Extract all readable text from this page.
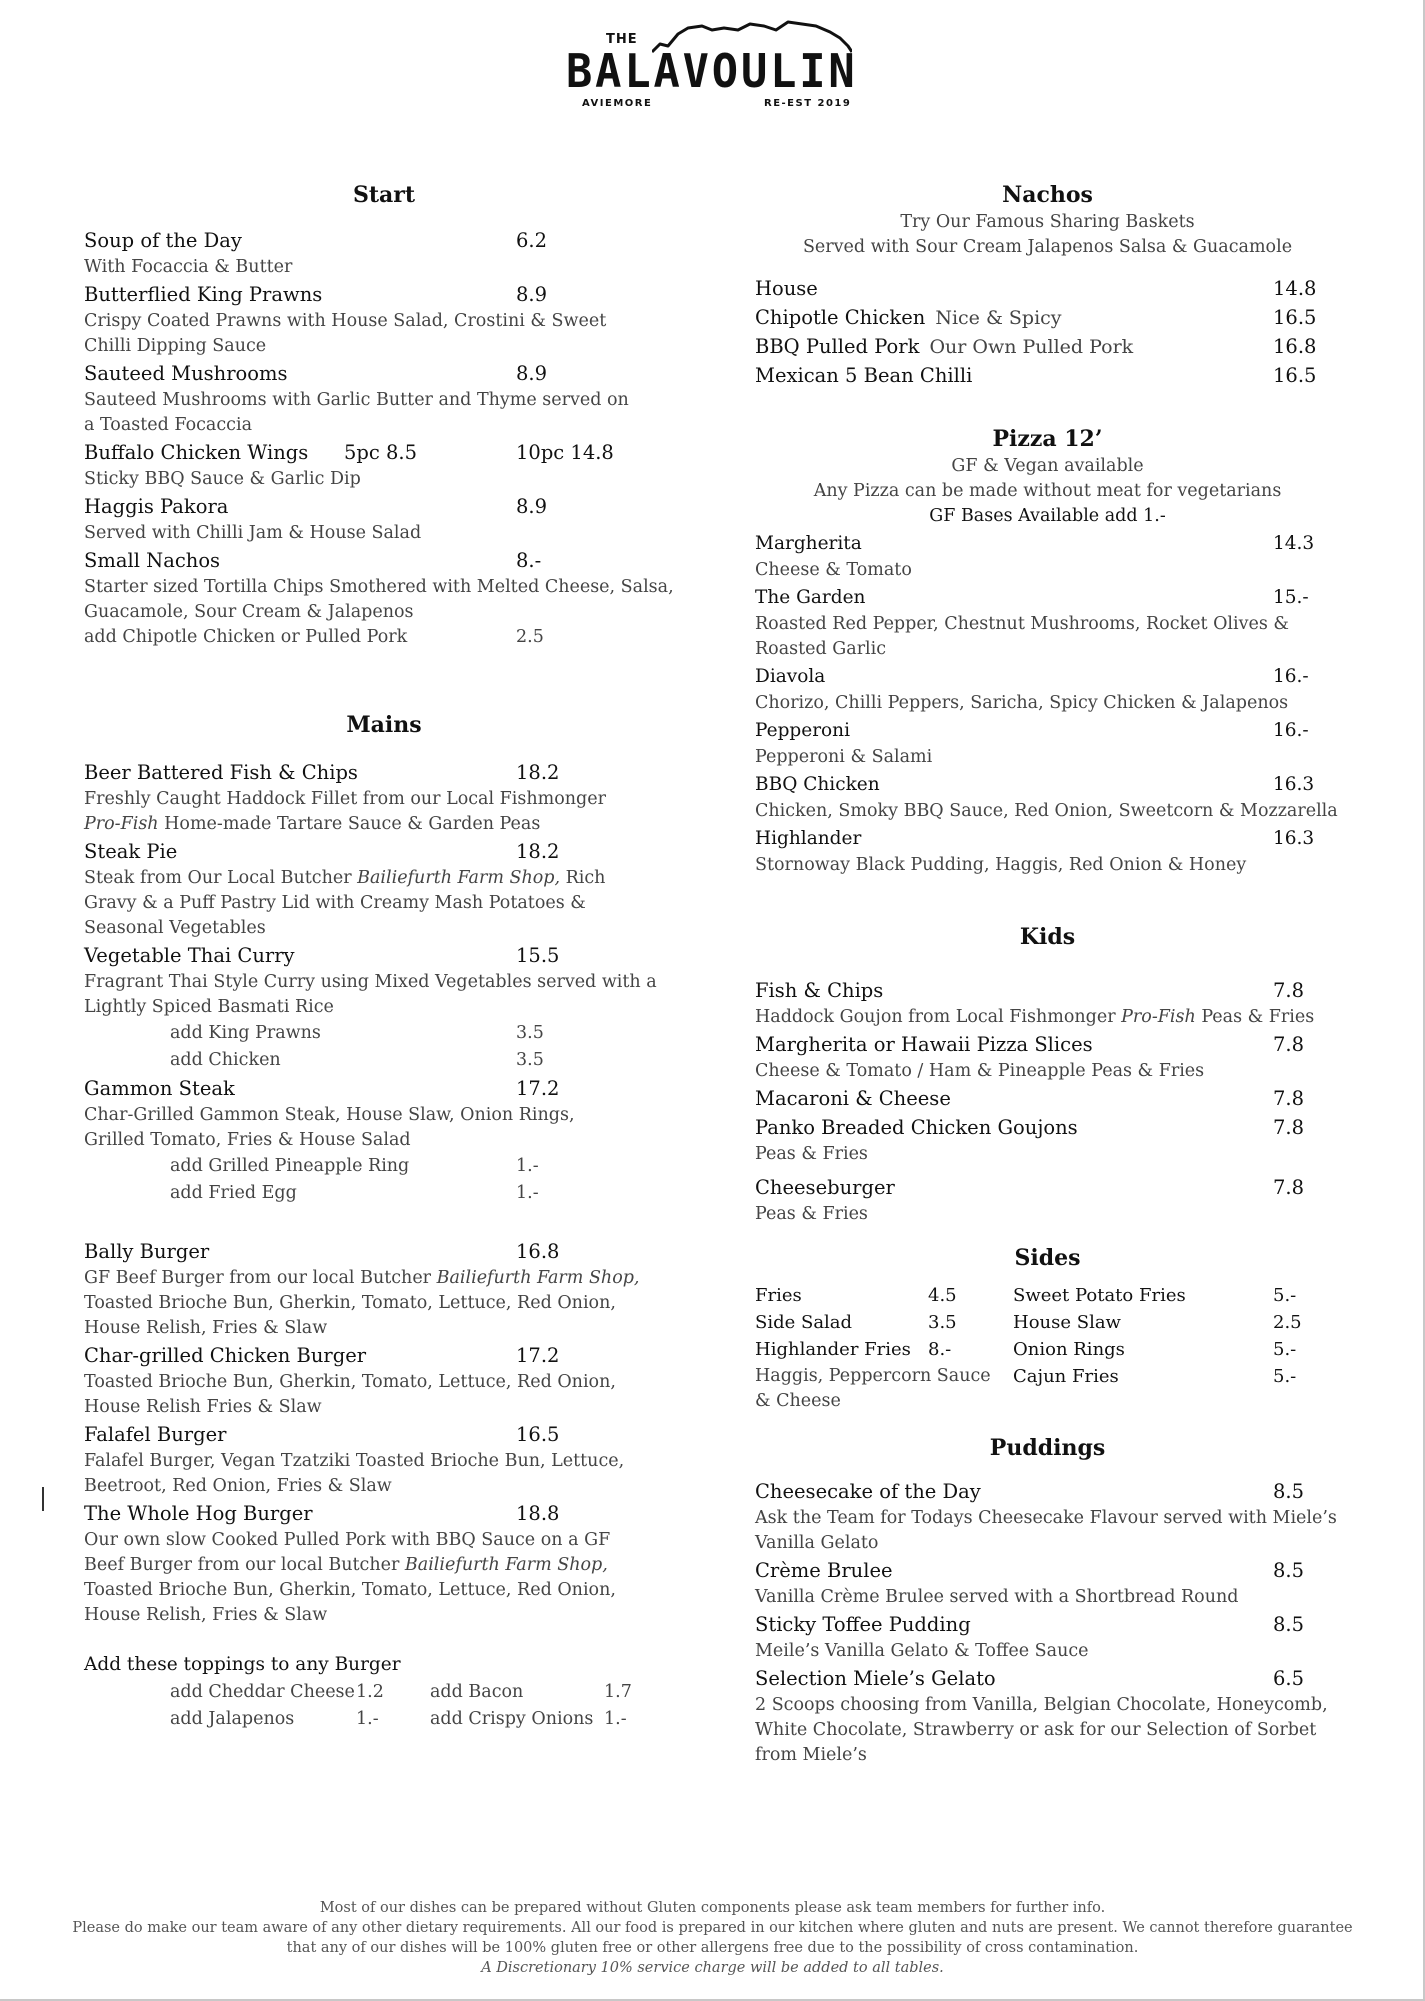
THE
BALAVOULIN
AVIEMORE	RE-EST 2019
Start
Soup of the Day	6.2
With Focaccia & Butter
Butterflied King Prawns	8.9
Crispy Coated Prawns with House Salad, Crostini & Sweet Chilli Dipping Sauce
Sauteed Mushrooms	8.9
Sauteed Mushrooms with Garlic Butter and Thyme served on a Toasted Focaccia
Buffalo Chicken Wings 5pc 8.5	10pc 14.8
Sticky BBQ Sauce & Garlic Dip
Haggis Pakora	8.9
Served with Chilli Jam & House Salad
Small Nachos	8.-
Starter sized Tortilla Chips Smothered with Melted Cheese, Salsa, Guacamole, Sour Cream & Jalapenos
add Chipotle Chicken or Pulled Pork	2.5
Mains
Beer Battered Fish & Chips	18.2
Freshly Caught Haddock Fillet from our Local Fishmonger
Pro-Fish Home-made Tartare Sauce & Garden Peas
Steak Pie	18.2
Steak from Our Local Butcher Bailiefurth Farm Shop, Rich Gravy & a Puff Pastry Lid with Creamy Mash Potatoes & Seasonal Vegetables
Vegetable Thai Curry	15.5
Fragrant Thai Style Curry using Mixed Vegetables served with a Lightly Spiced Basmati Rice
add King Prawns	3.5
add Chicken	3.5
Gammon Steak	17.2
Char-Grilled Gammon Steak, House Slaw, Onion Rings, Grilled Tomato, Fries & House Salad
add Grilled Pineapple Ring	1.-
add Fried Egg	1.-
Bally Burger	16.8
GF Beef Burger from our local Butcher Bailiefurth Farm Shop, Toasted Brioche Bun, Gherkin, Tomato, Lettuce, Red Onion, House Relish, Fries & Slaw
Char-grilled Chicken Burger	17.2
Toasted Brioche Bun, Gherkin, Tomato, Lettuce, Red Onion, House Relish Fries & Slaw
Falafel Burger	16.5
Falafel Burger, Vegan Tzatziki Toasted Brioche Bun, Lettuce, Beetroot, Red Onion, Fries & Slaw
The Whole Hog Burger	18.8
Our own slow Cooked Pulled Pork with BBQ Sauce on a GF Beef Burger from our local Butcher Bailiefurth Farm Shop, Toasted Brioche Bun, Gherkin, Tomato, Lettuce, Red Onion, House Relish, Fries & Slaw
Add these toppings to any Burger
add Cheddar Cheese 1.2	add Bacon	1.7
add Jalapenos	1.-	add Crispy Onions 1.-
Nachos
Try Our Famous Sharing Baskets
Served with Sour Cream Jalapenos Salsa & Guacamole
House	14.8
Chipotle Chicken Nice & Spicy	16.5
BBQ Pulled Pork Our Own Pulled Pork	16.8
Mexican 5 Bean Chilli	16.5
Pizza 12’
GF & Vegan available
Any Pizza can be made without meat for vegetarians
GF Bases Available add 1.-
Margherita	14.3
Cheese & Tomato
The Garden	15.-
Roasted Red Pepper, Chestnut Mushrooms, Rocket Olives & Roasted Garlic
Diavola	16.-
Chorizo, Chilli Peppers, Saricha, Spicy Chicken & Jalapenos
Pepperoni	16.-
Pepperoni & Salami
BBQ Chicken	16.3
Chicken, Smoky BBQ Sauce, Red Onion, Sweetcorn & Mozzarella
Highlander	16.3
Stornoway Black Pudding, Haggis, Red Onion & Honey
Kids
Fish & Chips	7.8
Haddock Goujon from Local Fishmonger Pro-Fish Peas & Fries
Margherita or Hawaii Pizza Slices	7.8
Cheese & Tomato / Ham & Pineapple Peas & Fries
Macaroni & Cheese	7.8
Panko Breaded Chicken Goujons	7.8
Peas & Fries
Cheeseburger	7.8
Peas & Fries
Sides
Fries	4.5
Side Salad	3.5
Highlander Fries 8.-
Haggis, Peppercorn Sauce & Cheese
Sweet Potato Fries	5.-
House Slaw	2.5
Onion Rings	5.-
Cajun Fries	5.-
Puddings
Cheesecake of the Day	8.5
Ask the Team for Todays Cheesecake Flavour served with Miele’s Vanilla Gelato
Crème Brulee	8.5
Vanilla Crème Brulee served with a Shortbread Round
Sticky Toffee Pudding	8.5
Meile’s Vanilla Gelato & Toffee Sauce
Selection Miele’s Gelato	6.5
2 Scoops choosing from Vanilla, Belgian Chocolate, Honeycomb, White Chocolate, Strawberry or ask for our Selection of Sorbet from Miele’s
Most of our dishes can be prepared without Gluten components please ask team members for further info.
Please do make our team aware of any other dietary requirements. All our food is prepared in our kitchen where gluten and nuts are present. We cannot therefore guarantee that any of our dishes will be 100% gluten free or other allergens free due to the possibility of cross contamination.
A Discretionary 10% service charge will be added to all tables.
